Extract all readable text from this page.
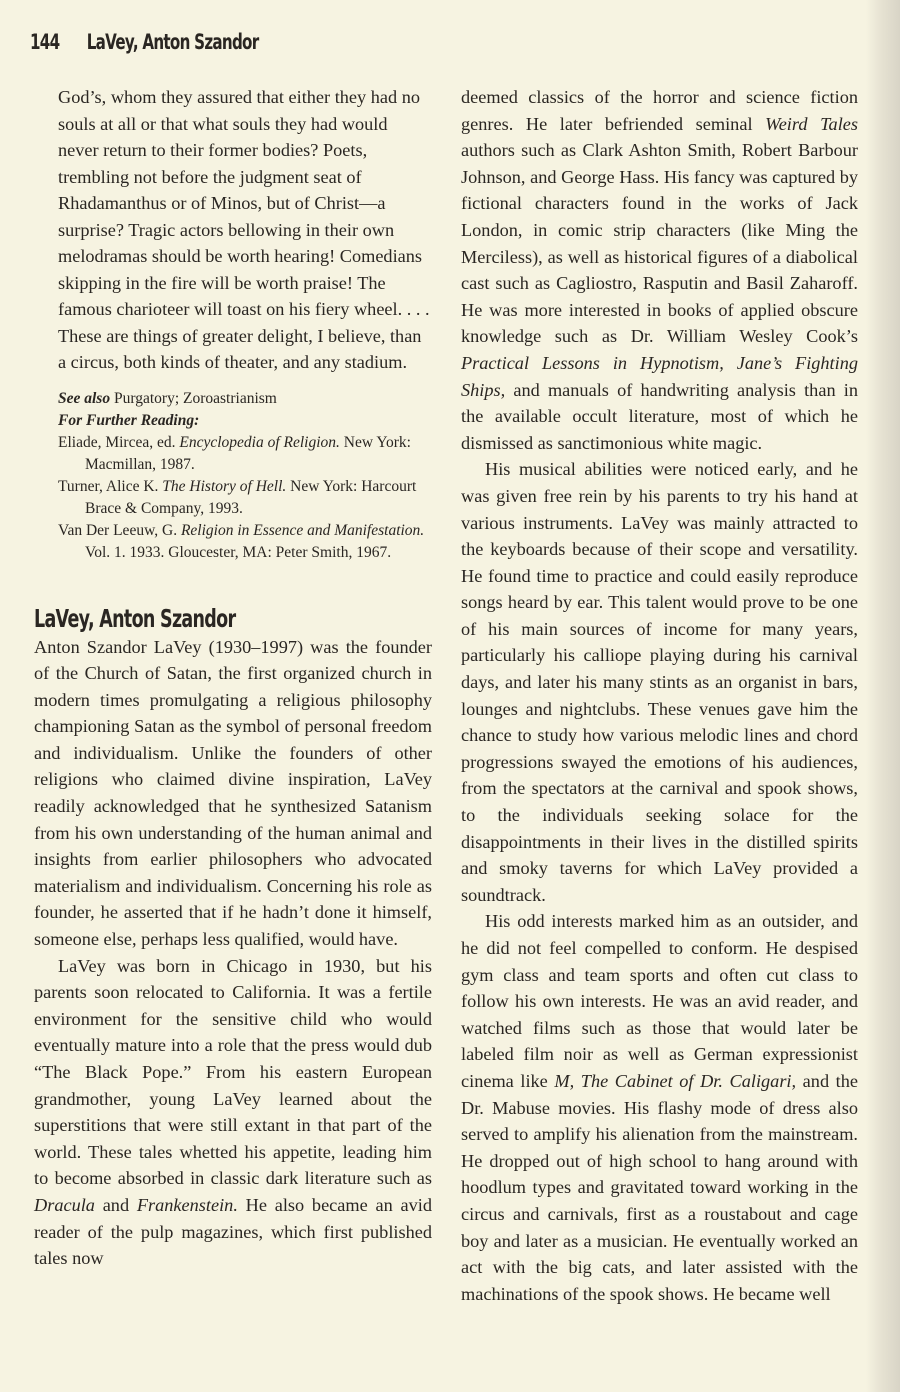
144 LaVey, Anton Szandor

God’s, whom they assured that either they had no souls at all or that what souls they had would never return to their former bodies? Poets, trembling not before the judgment seat of Rhadamanthus or of Minos, but of Christ—a surprise? Tragic actors bellowing in their own melodramas should be worth hearing! Comedians skipping in the fire will be worth praise! The famous charioteer will toast on his fiery wheel. . . . These are things of greater delight, I believe, than a circus, both kinds of theater, and any stadium.

See also Purgatory; Zoroastrianism
For Further Reading:
Eliade, Mircea, ed. Encyclopedia of Religion. New York: Macmillan, 1987.
Turner, Alice K. The History of Hell. New York: Harcourt Brace & Company, 1993.
Van Der Leeuw, G. Religion in Essence and Manifestation. Vol. 1. 1933. Gloucester, MA: Peter Smith, 1967.
LaVey, Anton Szandor

Anton Szandor LaVey (1930–1997) was the founder of the Church of Satan, the first organized church in modern times promulgating a religious philosophy championing Satan as the symbol of personal freedom and individualism. Unlike the founders of other religions who claimed divine inspiration, LaVey readily acknowledged that he synthesized Satanism from his own understanding of the human animal and insights from earlier philosophers who advocated materialism and individualism. Concerning his role as founder, he asserted that if he hadn’t done it himself, someone else, perhaps less qualified, would have.

LaVey was born in Chicago in 1930, but his parents soon relocated to California. It was a fertile environment for the sensitive child who would eventually mature into a role that the press would dub “The Black Pope.” From his eastern European grandmother, young LaVey learned about the superstitions that were still extant in that part of the world. These tales whetted his appetite, leading him to become absorbed in classic dark literature such as Dracula and Frankenstein. He also became an avid reader of the pulp magazines, which first published tales now

deemed classics of the horror and science fiction genres. He later befriended seminal Weird Tales authors such as Clark Ashton Smith, Robert Barbour Johnson, and George Hass. His fancy was captured by fictional characters found in the works of Jack London, in comic strip characters (like Ming the Merciless), as well as historical figures of a diabolical cast such as Cagliostro, Rasputin and Basil Zaharoff. He was more interested in books of applied obscure knowledge such as Dr. William Wesley Cook’s Practical Lessons in Hypnotism, Jane’s Fighting Ships, and manuals of handwriting analysis than in the available occult literature, most of which he dismissed as sanctimonious white magic.

His musical abilities were noticed early, and he was given free rein by his parents to try his hand at various instruments. LaVey was mainly attracted to the keyboards because of their scope and versatility. He found time to practice and could easily reproduce songs heard by ear. This talent would prove to be one of his main sources of income for many years, particularly his calliope playing during his carnival days, and later his many stints as an organist in bars, lounges and nightclubs. These venues gave him the chance to study how various melodic lines and chord progressions swayed the emotions of his audiences, from the spectators at the carnival and spook shows, to the individuals seeking solace for the disappointments in their lives in the distilled spirits and smoky taverns for which LaVey provided a soundtrack.

His odd interests marked him as an outsider, and he did not feel compelled to conform. He despised gym class and team sports and often cut class to follow his own interests. He was an avid reader, and watched films such as those that would later be labeled film noir as well as German expressionist cinema like M, The Cabinet of Dr. Caligari, and the Dr. Mabuse movies. His flashy mode of dress also served to amplify his alienation from the mainstream. He dropped out of high school to hang around with hoodlum types and gravitated toward working in the circus and carnivals, first as a roustabout and cage boy and later as a musician. He eventually worked an act with the big cats, and later assisted with the machinations of the spook shows. He became well
